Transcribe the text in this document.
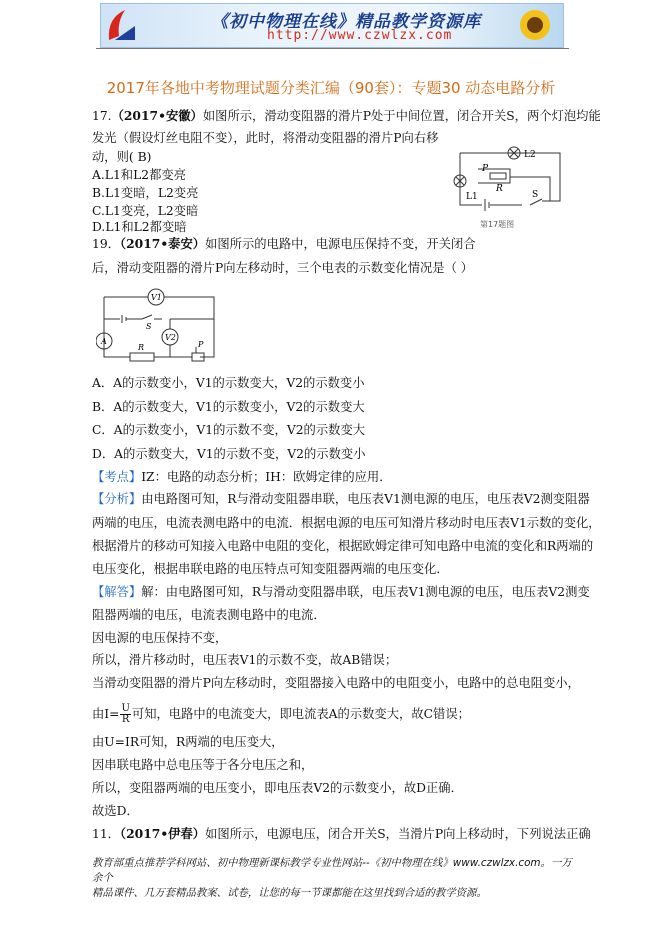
《初中物理在线》精品教学资源库
http://www.czwlzx.com
2017年各地中考物理试题分类汇编（90套）：专题30 动态电路分析
17.（2017•安徽）如图所示，滑动变阻器的滑片P处于中间位置，闭合开关S，两个灯泡均能
发光（假设灯丝电阻不变），此时，将滑动变阻器的滑片P向右移
动，则( B)
A.L1和L2都变亮
B.L1变暗，L2变亮
C.L1变亮，L2变暗
D.L1和L2都变暗
L2
P
R
L1	S
第17题图
19．（2017•泰安）如图所示的电路中，电源电压保持不变，开关闭合
后，滑动变阻器的滑片P向左移动时，三个电表的示数变化情况是（ ）
V1
S
A	V2
R	P
A．A的示数变小，V1的示数变大，V2的示数变小
B．A的示数变大，V1的示数变小，V2的示数变大
C．A的示数变小，V1的示数不变，V2的示数变大
D．A的示数变大，V1的示数不变，V2的示数变小
【考点】IZ：电路的动态分析；IH：欧姆定律的应用．
【分析】由电路图可知，R与滑动变阻器串联，电压表V1测电源的电压，电压表V2测变阻器
两端的电压，电流表测电路中的电流．根据电源的电压可知滑片移动时电压表V1示数的变化，
根据滑片的移动可知接入电路中电阻的变化，根据欧姆定律可知电路中电流的变化和R两端的
电压变化，根据串联电路的电压特点可知变阻器两端的电压变化．
【解答】解：由电路图可知，R与滑动变阻器串联，电压表V1测电源的电压，电压表V2测变
阻器两端的电压，电流表测电路中的电流．
因电源的电压保持不变，
所以，滑片移动时，电压表V1的示数不变，故AB错误；
当滑动变阻器的滑片P向左移动时，变阻器接入电路中的电阻变小，电路中的总电阻变小，
由$I= \frac{U}{R}$ 可知，电路中的电流变大，即电流表A的示数变大，故C错误；
由U=IR可知，R两端的电压变大，
因串联电路中总电压等于各分电压之和，
所以，变阻器两端的电压变小，即电压表V2的示数变小，故D正确．
故选D．
11．（2017•伊春）如图所示，电源电压，闭合开关S，当滑片P向上移动时，下列说法正确
教育部重点推荐学科网站、初中物理新课标教学专业性网站--《初中物理在线》www.czwlzx.com。一万余个
精品课件、几万套精品教案、试卷，让您的每一节课都能在这里找到合适的教学资源。
